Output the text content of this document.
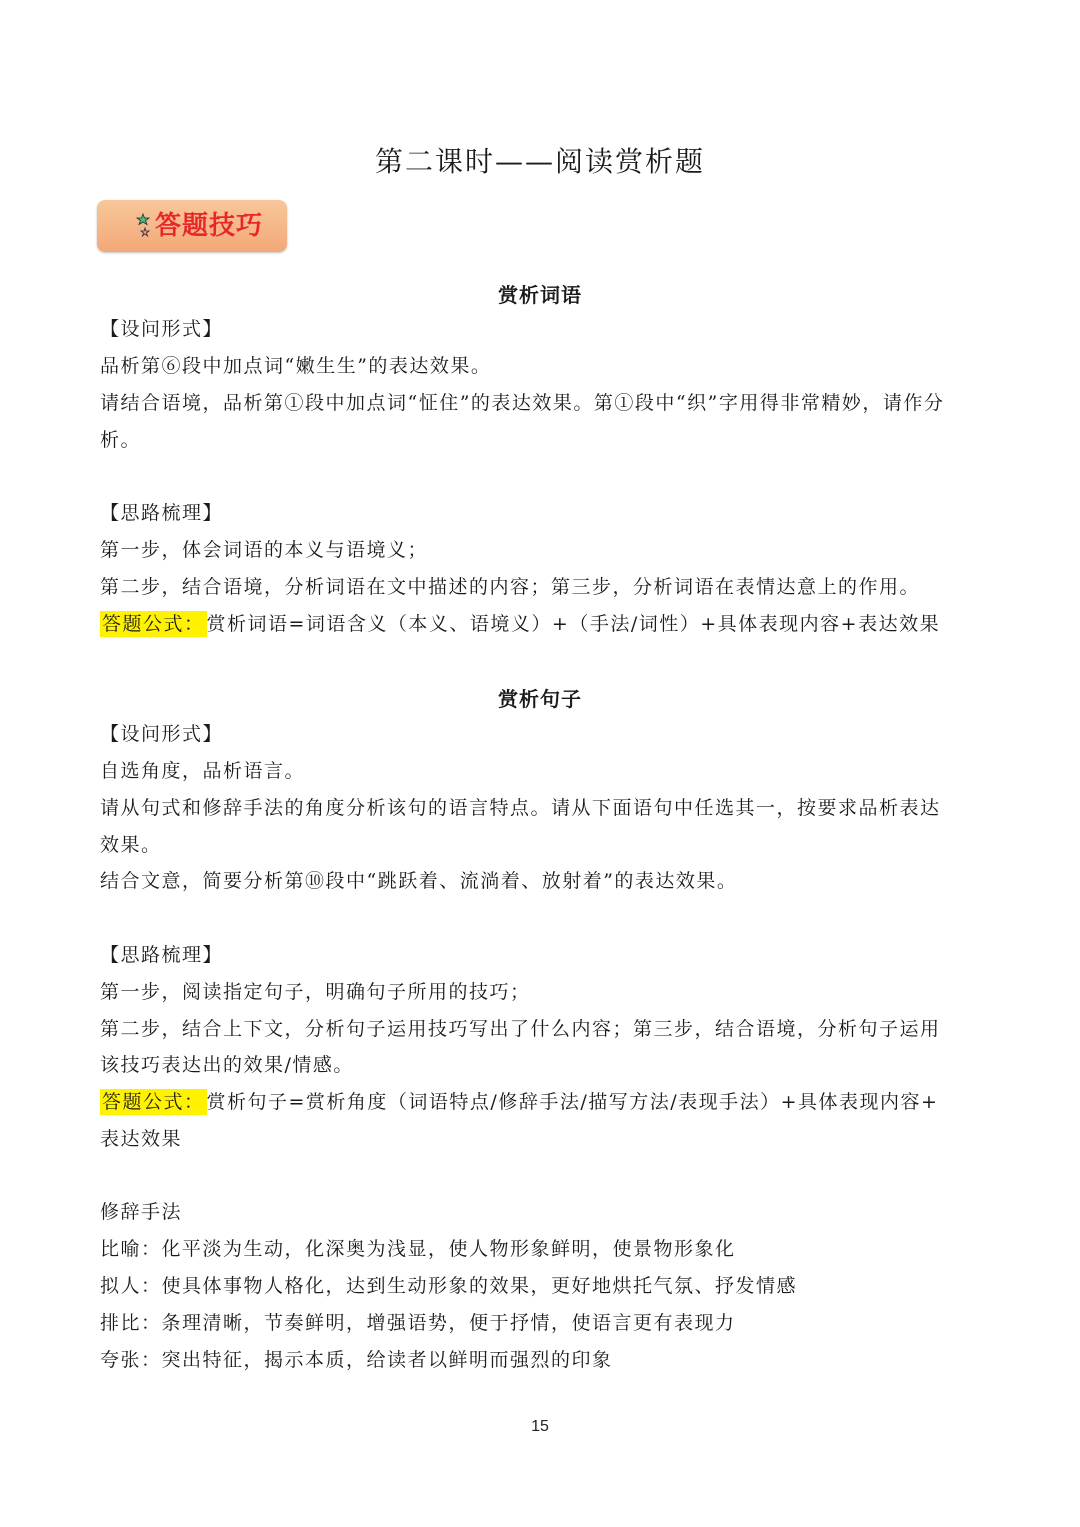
第二课时——阅读赏析题
答题技巧
赏析词语

【设问形式】

品析第⑥段中加点词“嫩生生”的表达效果。

请结合语境，品析第①段中加点词“怔住”的表达效果。第①段中“织”字用得非常精妙，请作分

析。

【思路梳理】

第一步，体会词语的本义与语境义；

第二步，结合语境，分析词语在文中描述的内容；第三步，分析词语在表情达意上的作用。

答题公式： 赏析词语=词语含义（本义、语境义）+（手法/词性）+具体表现内容+表达效果

赏析句子

【设问形式】

自选角度，品析语言。

请从句式和修辞手法的角度分析该句的语言特点。请从下面语句中任选其一，按要求品析表达

效果。

结合文意，简要分析第⑩段中“跳跃着、流淌着、放射着”的表达效果。

【思路梳理】

第一步，阅读指定句子，明确句子所用的技巧；

第二步，结合上下文，分析句子运用技巧写出了什么内容；第三步，结合语境，分析句子运用

该技巧表达出的效果/情感。

答题公式： 赏析句子=赏析角度（词语特点/修辞手法/描写方法/表现手法）+具体表现内容+

表达效果

修辞手法

比喻：化平淡为生动，化深奥为浅显，使人物形象鲜明，使景物形象化

拟人：使具体事物人格化，达到生动形象的效果，更好地烘托气氛、抒发情感

排比：条理清晰，节奏鲜明，增强语势，便于抒情，使语言更有表现力

夸张：突出特征，揭示本质，给读者以鲜明而强烈的印象

15
